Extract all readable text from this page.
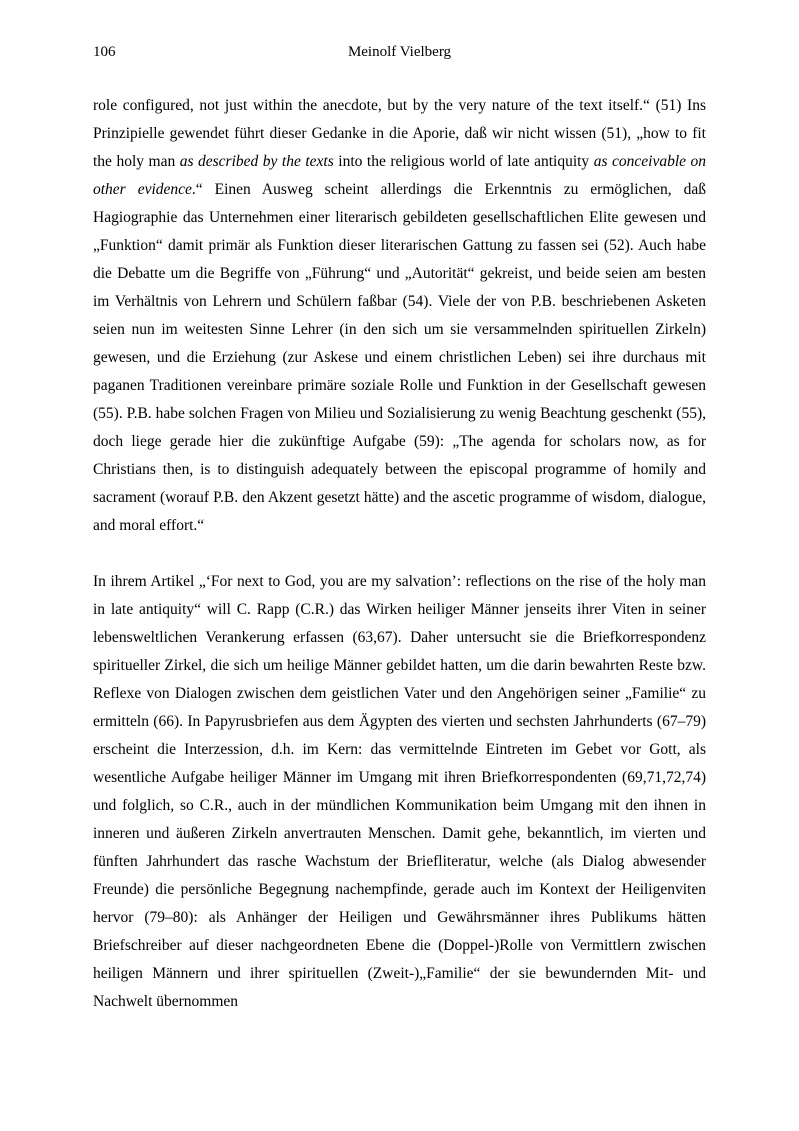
106	Meinolf Vielberg

role configured, not just within the anecdote, but by the very nature of the text itself.“ (51) Ins Prinzipielle gewendet führt dieser Gedanke in die Aporie, daß wir nicht wissen (51), „how to fit the holy man as described by the texts into the religious world of late antiquity as conceivable on other evidence.“ Einen Ausweg scheint allerdings die Erkenntnis zu ermöglichen, daß Hagiographie das Unternehmen einer literarisch gebildeten gesellschaftlichen Elite gewesen und „Funktion“ damit primär als Funktion dieser literarischen Gattung zu fassen sei (52). Auch habe die Debatte um die Begriffe von „Führung“ und „Autorität“ gekreist, und beide seien am besten im Verhältnis von Lehrern und Schülern faßbar (54). Viele der von P.B. beschriebenen Asketen seien nun im weitesten Sinne Lehrer (in den sich um sie versammelnden spirituellen Zirkeln) gewesen, und die Erziehung (zur Askese und einem christlichen Leben) sei ihre durchaus mit paganen Traditionen vereinbare primäre soziale Rolle und Funktion in der Gesellschaft gewesen (55). P.B. habe solchen Fragen von Milieu und Sozialisierung zu wenig Beachtung geschenkt (55), doch liege gerade hier die zukünftige Aufgabe (59): „The agenda for scholars now, as for Christians then, is to distinguish adequately between the episcopal programme of homily and sacrament (worauf P.B. den Akzent gesetzt hätte) and the ascetic programme of wisdom, dialogue, and moral effort.“

In ihrem Artikel „‘For next to God, you are my salvation’: reflections on the rise of the holy man in late antiquity“ will C. Rapp (C.R.) das Wirken heiliger Männer jenseits ihrer Viten in seiner lebensweltlichen Verankerung erfassen (63,67). Daher untersucht sie die Briefkorrespondenz spiritueller Zirkel, die sich um heilige Männer gebildet hatten, um die darin bewahrten Reste bzw. Reflexe von Dialogen zwischen dem geistlichen Vater und den Angehörigen seiner „Familie“ zu ermitteln (66). In Papyrusbriefen aus dem Ägypten des vierten und sechsten Jahrhunderts (67–79) erscheint die Interzession, d.h. im Kern: das vermittelnde Eintreten im Gebet vor Gott, als wesentliche Aufgabe heiliger Männer im Umgang mit ihren Briefkorrespondenten (69,71,72,74) und folglich, so C.R., auch in der mündlichen Kommunikation beim Umgang mit den ihnen in inneren und äußeren Zirkeln anvertrauten Menschen. Damit gehe, bekanntlich, im vierten und fünften Jahrhundert das rasche Wachstum der Briefliteratur, welche (als Dialog abwesender Freunde) die persönliche Begegnung nachempfinde, gerade auch im Kontext der Heiligenviten hervor (79–80): als Anhänger der Heiligen und Gewährsmänner ihres Publikums hätten Briefschreiber auf dieser nachgeordneten Ebene die (Doppel-)Rolle von Vermittlern zwischen heiligen Männern und ihrer spirituellen (Zweit-)„Familie“ der sie bewundernden Mit- und Nachwelt übernommen
